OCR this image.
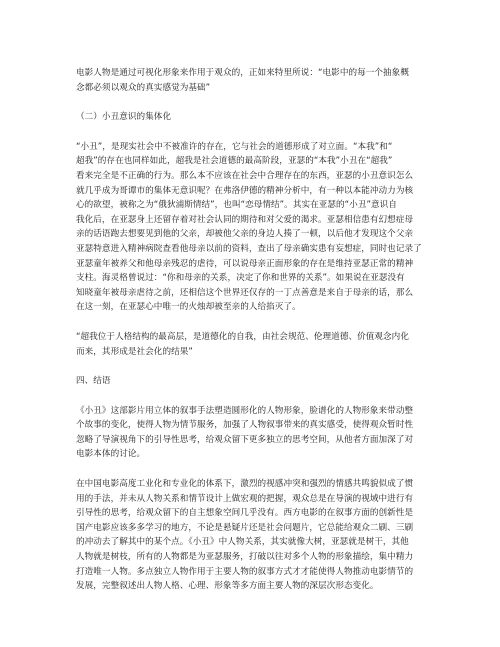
电影人物是通过可视化形象来作用于观众的，正如来特里所说：“电影中的每一个抽象概

念都必须以观众的真实感觉为基础”

（二）小丑意识的集体化

“小丑”，是现实社会中不被准许的存在，它与社会的道德形成了对立面。“本我”和“

超我”的存在也同样如此，超我是社会道德的最高阶段，亚瑟的“本我”小丑在“超我”

看来完全是不正确的行为。那么本不应该在社会中合理存在的东西，亚瑟的小丑意识怎么

就几乎成为哥谭市的集体无意识呢？在弗洛伊德的精神分析中，有一种以本能冲动力为核

心的欲望，被称之为“俄狄浦斯情结”，也叫“恋母情结”。其实在亚瑟的“小丑”意识自

我化后，在亚瑟身上还留存着对社会认同的期待和对父爱的渴求。亚瑟相信患有幻想症母

亲的话语跑去想要见到他的父亲，却被他父亲的身边人揍了一顿，以后他才发现这个父亲

亚瑟特意进入精神病院查看他母亲以前的资料，查出了母亲确实患有妄想症，同时也记录了

亚瑟童年被养父和他母亲残忍的虐待，可以说母亲正面形象的存在是维持亚瑟正常的精神

支柱。海灵格曾说过：“你和母亲的关系，决定了你和世界的关系”。如果说在亚瑟没有

知晓童年被母亲虐待之前，还相信这个世界还仅存的一丁点善意是来自于母亲的话，那么

在这一刻，在亚瑟心中唯一的火烛却被至亲的人给掐灭了。

“超我位于人格结构的最高层，是道德化的自我，由社会规范、伦理道德、价值观念内化

而来，其形成是社会化的结果”

四、结语

《小丑》这部影片用立体的叙事手法塑造圆形化的人物形象，脸谱化的人物形象来带动整

个故事的变化，使得人物为情节服务，加强了人物叙事带来的真实感受，使得观众暂时性

忽略了导演视角下的引导性思考，给观众留下更多独立的思考空间，从他者方面加深了对

电影本体的讨论。

在中国电影高度工业化和专业化的体系下，激烈的视感冲突和强烈的情感共鸣貌似成了惯

用的手法，并未从人物关系和情节设计上做宏观的把握，观众总是在导演的视域中进行有

引导性的思考，给观众留下的自主想象空间几乎没有。西方电影的在叙事方面的创新性是

国产电影应该多多学习的地方，不论是悬疑片还是社会问题片，它总能给观众二刷、三刷

的冲动去了解其中的某个点。《小丑》中人物关系，其实就像大树，亚瑟就是树干，其他

人物就是树枝，所有的人物都是为亚瑟服务，打破以往对多个人物的形象描绘，集中精力

打造唯一人物。多点独立人物作用于主要人物的叙事方式才才能使得人物推动电影情节的

发展，完整叙述出人物人格、心理、形象等多方面主要人物的深层次形态变化。
